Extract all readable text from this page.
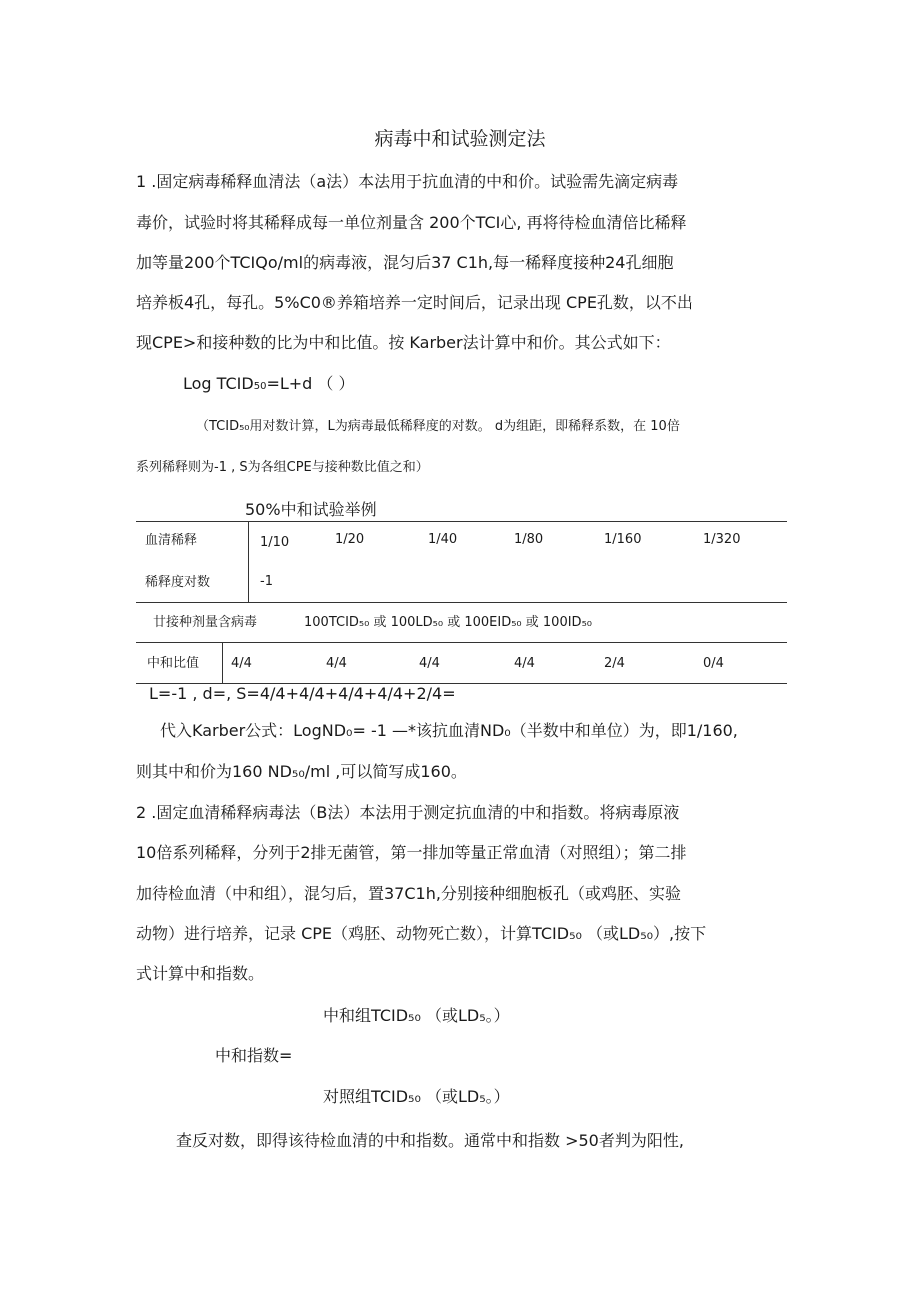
病毒中和试验测定法
1 .固定病毒稀释血清法（a法）本法用于抗血清的中和价。试验需先滴定病毒
毒价，试验时将其稀释成每一单位剂量含 200个TCI心, 再将待检血清倍比稀释
加等量200个TCIQo/ml的病毒液，混匀后37 C1h,每一稀释度接种24孔细胞
培养板4孔，每孔。5%C0®养箱培养一定时间后，记录出现 CPE孔数，以不出
现CPE>和接种数的比为中和比值。按 Karber法计算中和价。其公式如下：
Log TCID50=L+d （ ）
（TCID₅₀用对数计算，L为病毒最低稀释度的对数。 d为组距，即稀释系数，在 10倍
系列稀释则为-1 , S为各组CPE与接种数比值之和）
50%中和试验举例
血清稀释	1/10	1/20	1/40	1/80	1/160	1/320
稀释度对数	-1
廿接种剂量含病毒	100TCID₅₀ 或 100LD₅₀ 或 100EID₅₀ 或 100ID₅₀
中和比值 4/4	4/4	4/4	4/4	2/4	0/4
L=-1 , d=, S=4/4+4/4+4/4+4/4+2/4=
代入Karber公式：LogND₀= -1 —*该抗血清ND₀（半数中和单位）为，即1/160,
则其中和价为160 ND₅₀/ml ,可以简写成160。
2 .固定血清稀释病毒法（B法）本法用于测定抗血清的中和指数。将病毒原液
10倍系列稀释，分列于2排无菌管，第一排加等量正常血清（对照组）；第二排
加待检血清（中和组），混匀后，置37C1h,分别接种细胞板孔（或鸡胚、实验
动物）进行培养，记录 CPE（鸡胚、动物死亡数），计算TCID₅₀ （或LD₅₀）,按下
式计算中和指数。
中和组TCID₅₀ （或LD₅。）
中和指数=
对照组TCID₅₀ （或LD₅。）
查反对数，即得该待检血清的中和指数。通常中和指数 >50者判为阳性,
